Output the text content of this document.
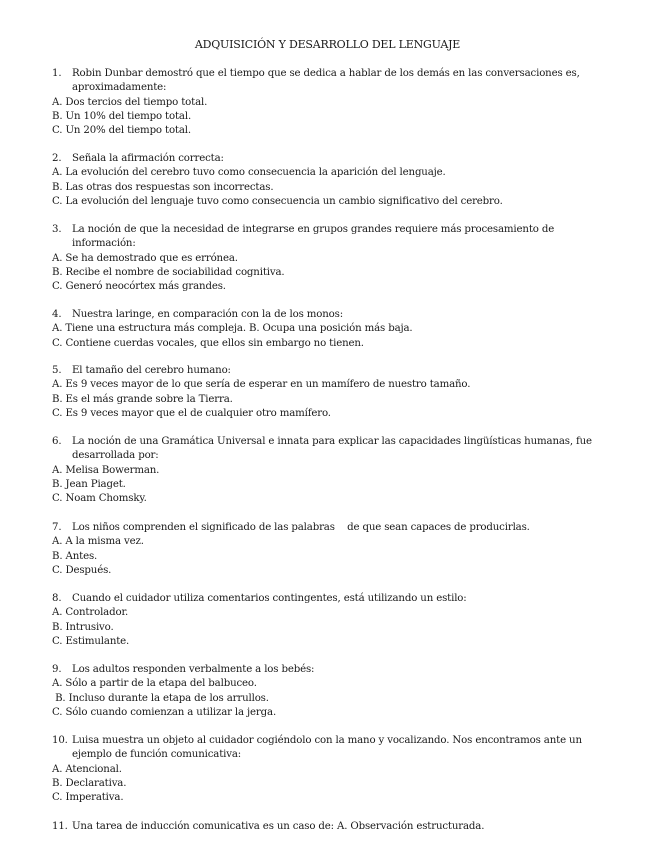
ADQUISICIÓN Y DESARROLLO DEL LENGUAJE
1. Robin Dunbar demostró que el tiempo que se dedica a hablar de los demás en las conversaciones es, aproximadamente:
A. Dos tercios del tiempo total.
B. Un 10% del tiempo total.
C. Un 20% del tiempo total.
2. Señala la afirmación correcta:
A. La evolución del cerebro tuvo como consecuencia la aparición del lenguaje.
B. Las otras dos respuestas son incorrectas.
C. La evolución del lenguaje tuvo como consecuencia un cambio significativo del cerebro.
3. La noción de que la necesidad de integrarse en grupos grandes requiere más procesamiento de información:
A. Se ha demostrado que es errónea.
B. Recibe el nombre de sociabilidad cognitiva.
C. Generó neocórtex más grandes.
4. Nuestra laringe, en comparación con la de los monos:
A. Tiene una estructura más compleja. B. Ocupa una posición más baja.
C. Contiene cuerdas vocales, que ellos sin embargo no tienen.
5. El tamaño del cerebro humano:
A. Es 9 veces mayor de lo que sería de esperar en un mamífero de nuestro tamaño.
B. Es el más grande sobre la Tierra.
C. Es 9 veces mayor que el de cualquier otro mamífero.
6. La noción de una Gramática Universal e innata para explicar las capacidades lingüísticas humanas, fue desarrollada por:
A. Melisa Bowerman.
B. Jean Piaget.
C. Noam Chomsky.
7. Los niños comprenden el significado de las palabras    de que sean capaces de producirlas.
A. A la misma vez.
B. Antes.
C. Después.
8. Cuando el cuidador utiliza comentarios contingentes, está utilizando un estilo:
A. Controlador.
B. Intrusivo.
C. Estimulante.
9. Los adultos responden verbalmente a los bebés:
A. Sólo a partir de la etapa del balbuceo.
B. Incluso durante la etapa de los arrullos.
C. Sólo cuando comienzan a utilizar la jerga.
10. Luisa muestra un objeto al cuidador cogiéndolo con la mano y vocalizando. Nos encontramos ante un ejemplo de función comunicativa:
A. Atencional.
B. Declarativa.
C. Imperativa.
11. Una tarea de inducción comunicativa es un caso de: A. Observación estructurada.
